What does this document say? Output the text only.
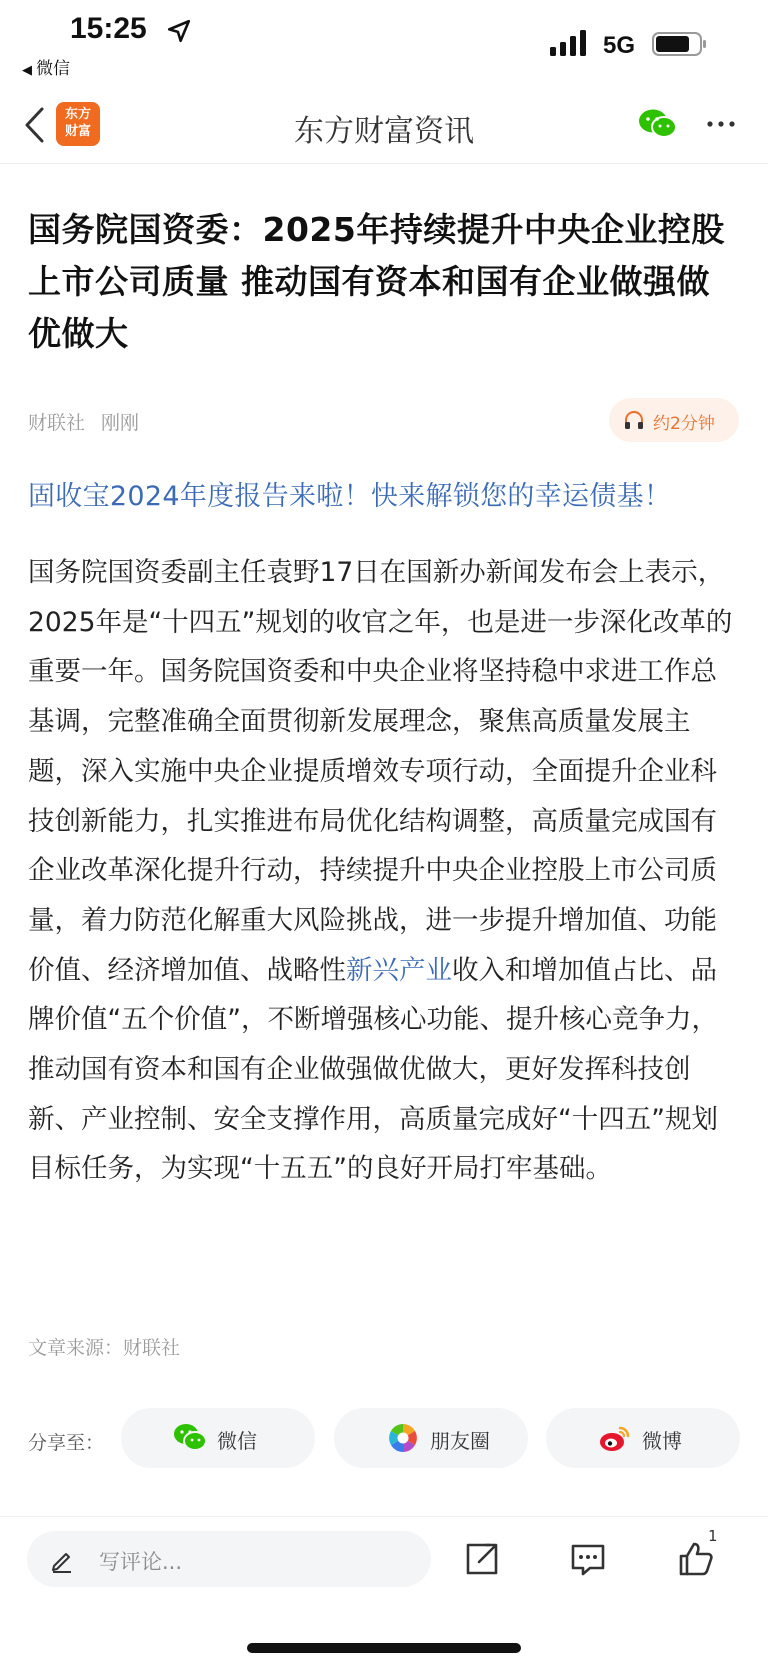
15:25
◀ 微信
5G
东方
财富	东方财富资讯
国务院国资委：2025年持续提升中央企业控股上市公司质量 推动国有资本和国有企业做强做优做大
财联社 刚刚	约2分钟
固收宝2024年度报告来啦！快来解锁您的幸运债基！
国务院国资委副主任袁野17日在国新办新闻发布会上表示，2025年是“十四五”规划的收官之年，也是进一步深化改革的重要一年。国务院国资委和中央企业将坚持稳中求进工作总基调，完整准确全面贯彻新发展理念，聚焦高质量发展主题，深入实施中央企业提质增效专项行动，全面提升企业科技创新能力，扎实推进布局优化结构调整，高质量完成国有企业改革深化提升行动，持续提升中央企业控股上市公司质量，着力防范化解重大风险挑战，进一步提升增加值、功能价值、经济增加值、战略性新兴产业收入和增加值占比、品牌价值“五个价值”，不断增强核心功能、提升核心竞争力，推动国有资本和国有企业做强做优做大，更好发挥科技创新、产业控制、安全支撑作用，高质量完成好“十四五”规划目标任务，为实现“十五五”的良好开局打牢基础。
文章来源：财联社
分享至：	微信	朋友圈	微博
写评论...
1
